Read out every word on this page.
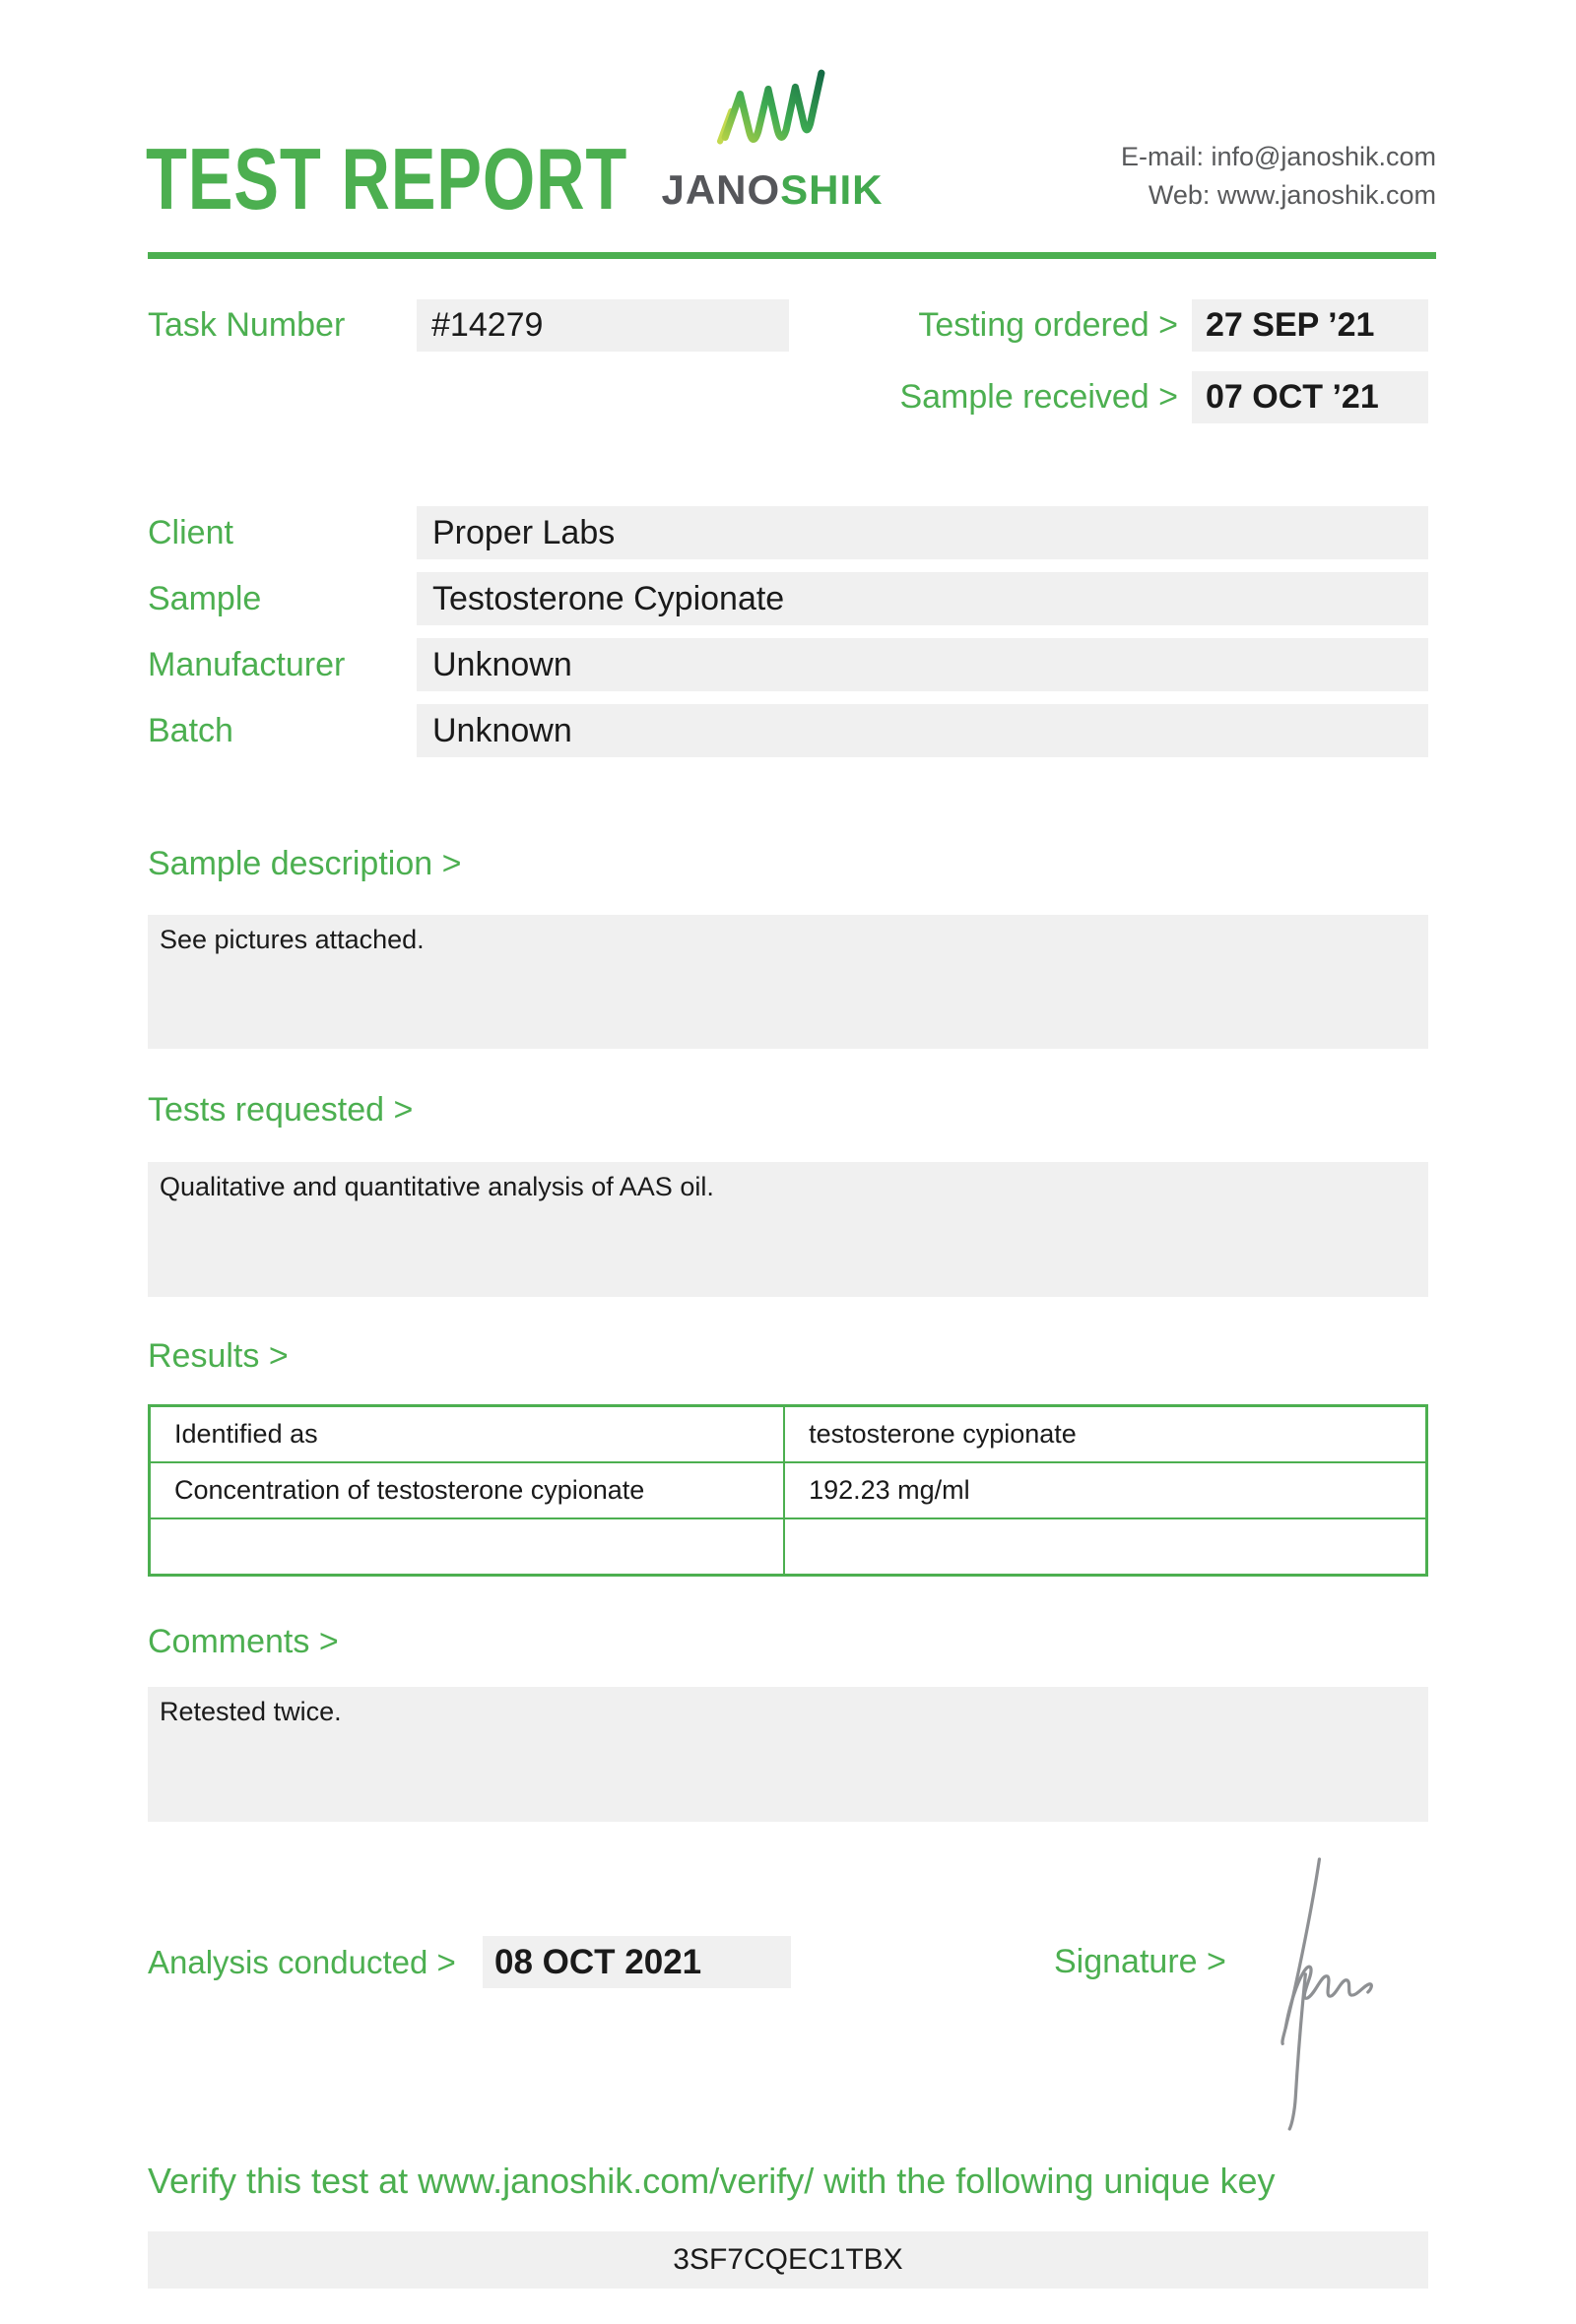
TEST REPORT JANOSHIK
E-mail: info@janoshik.com
Web: www.janoshik.com
Task Number	#14279	Testing ordered > 27 SEP ’21
Sample received > 07 OCT ’21
Client	Proper Labs
Sample	Testosterone Cypionate
Manufacturer	Unknown
Batch	Unknown
Sample description >
See pictures attached.
Tests requested >
Qualitative and quantitative analysis of AAS oil.
Results >
Identified as	testosterone cypionate
Concentration of testosterone cypionate	192.23 mg/ml

Comments >
Retested twice.
Analysis conducted >	08 OCT 2021	Signature >
Verify this test at www.janoshik.com/verify/ with the following unique key
3SF7CQEC1TBX
